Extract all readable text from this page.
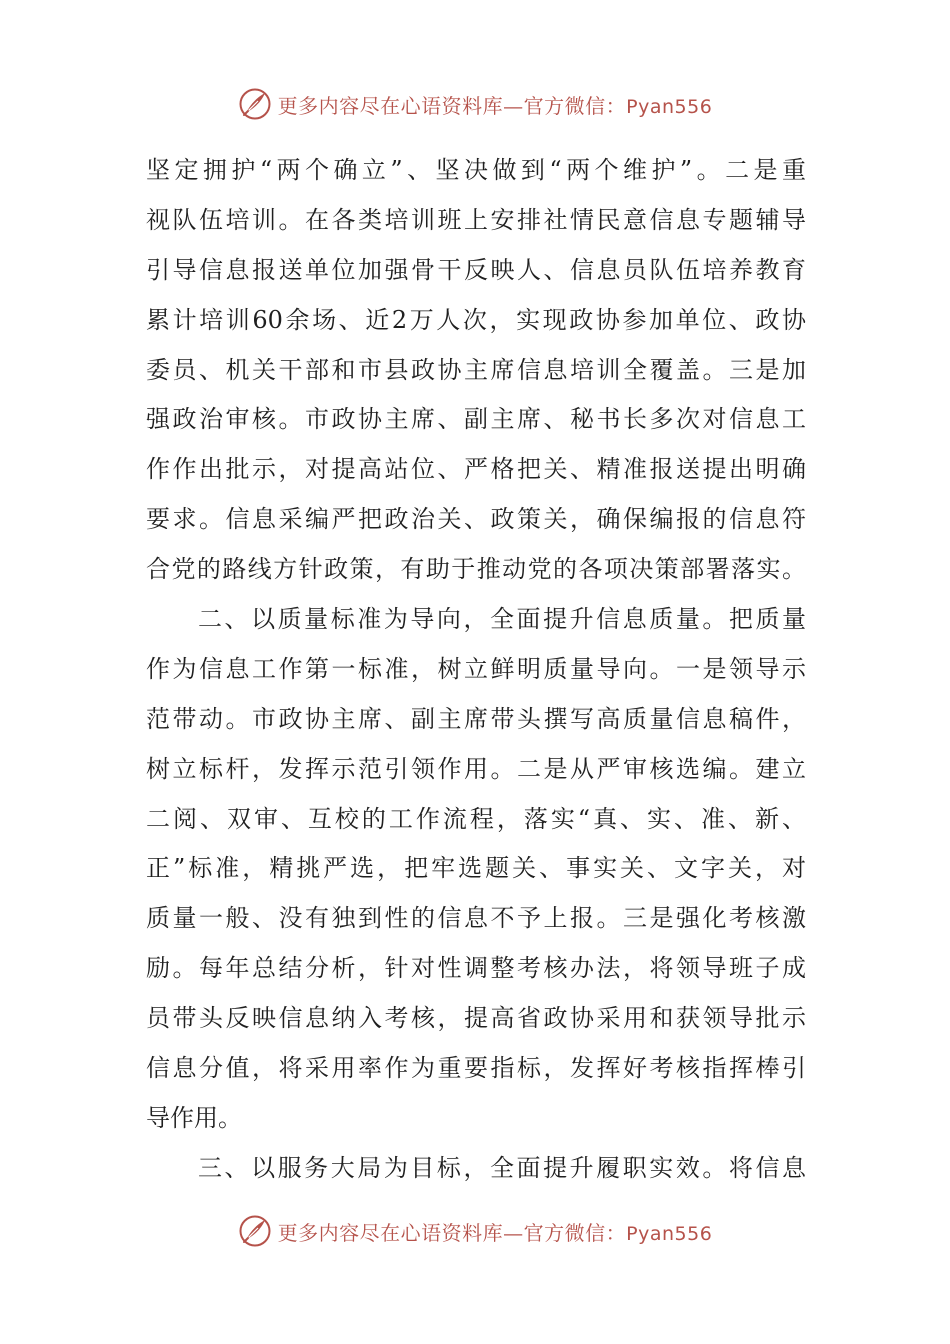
更多内容尽在心语资料库—官方微信：Pyan556
坚定拥护“两个确立”、坚决做到“两个维护”。二是重
视队伍培训。在各类培训班上安排社情民意信息专题辅导
引导信息报送单位加强骨干反映人、信息员队伍培养教育
累计培训60余场、近2万人次，实现政协参加单位、政协
委员、机关干部和市县政协主席信息培训全覆盖。三是加
强政治审核。市政协主席、副主席、秘书长多次对信息工
作作出批示，对提高站位、严格把关、精准报送提出明确
要求。信息采编严把政治关、政策关，确保编报的信息符
合党的路线方针政策，有助于推动党的各项决策部署落实。
二、以质量标准为导向，全面提升信息质量。把质量
作为信息工作第一标准，树立鲜明质量导向。一是领导示
范带动。市政协主席、副主席带头撰写高质量信息稿件，
树立标杆，发挥示范引领作用。二是从严审核选编。建立
二阅、双审、互校的工作流程，落实“真、实、准、新、
正”标准，精挑严选，把牢选题关、事实关、文字关，对
质量一般、没有独到性的信息不予上报。三是强化考核激
励。每年总结分析，针对性调整考核办法，将领导班子成
员带头反映信息纳入考核，提高省政协采用和获领导批示
信息分值，将采用率作为重要指标，发挥好考核指挥棒引
导作用。
三、以服务大局为目标，全面提升履职实效。将信息
更多内容尽在心语资料库—官方微信：Pyan556
